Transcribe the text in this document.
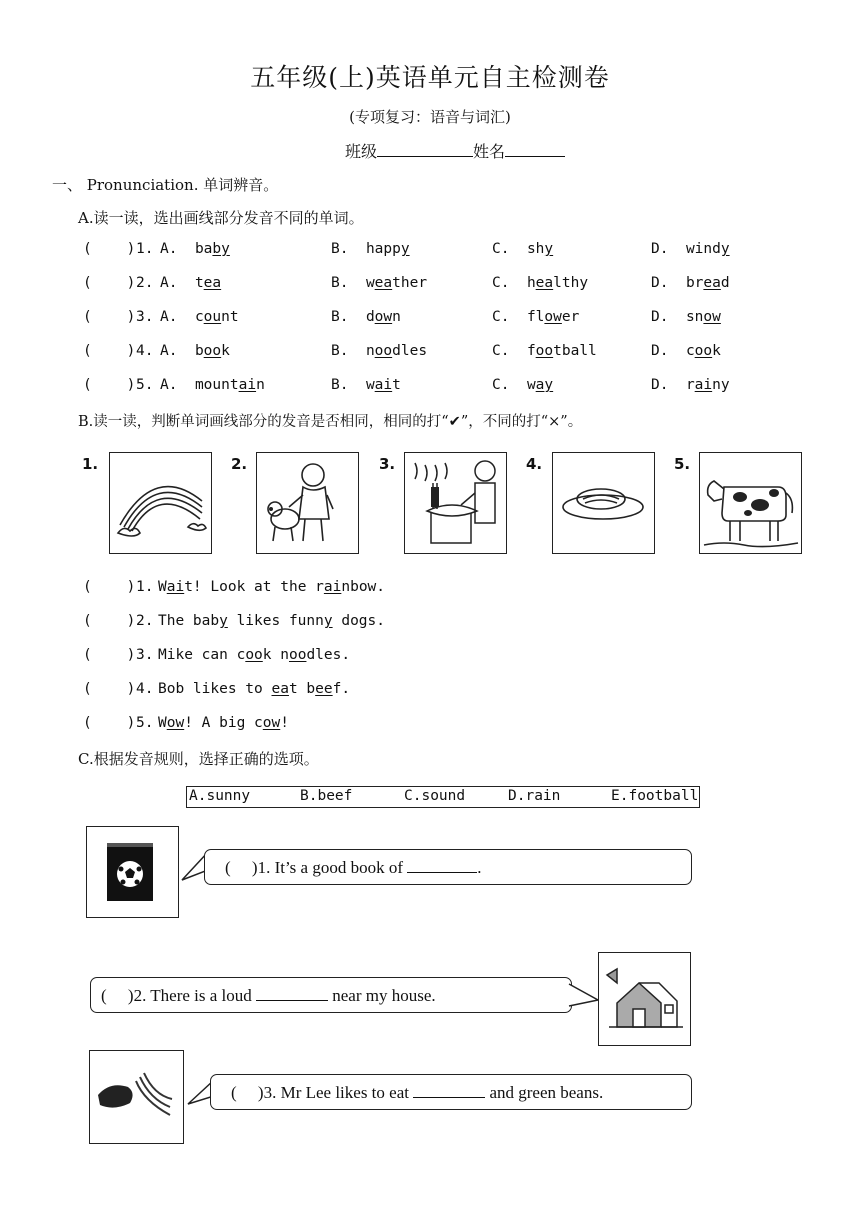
五年级(上)英语单元自主检测卷
(专项复习：语音与词汇)
班级	姓名
一、 Pronunciation. 单词辨音。
A.读一读，选出画线部分发音不同的单词。
(    ) 1. A. baby	B. happy	C. shy	D. windy
(    ) 2. A. tea	B. weather	C. healthy	D. bread
(    ) 3. A. count	B. down	C. flower	D. snow
(    ) 4. A. book	B. noodles	C. football	D. cook
(    ) 5. A. mountain	B. wait	C. way	D. rainy
B.读一读，判断单词画线部分的发音是否相同，相同的打“✔”，不同的打“×”。
1.	2.	3.	4.	5.
(    ) 1. Wait! Look at the rainbow.
(    ) 2. The baby likes funny dogs.
(    ) 3. Mike can cook noodles.
(    ) 4. Bob likes to eat beef.
(    ) 5. Wow! A big cow!
C.根据发音规则，选择正确的选项。
A.sunny	B.beef	C.sound	D.rain	E.football
(     )1. It’s a good book of	.
(     )2. There is a loud	near my house.
(     )3. Mr Lee likes to eat	and green beans.
